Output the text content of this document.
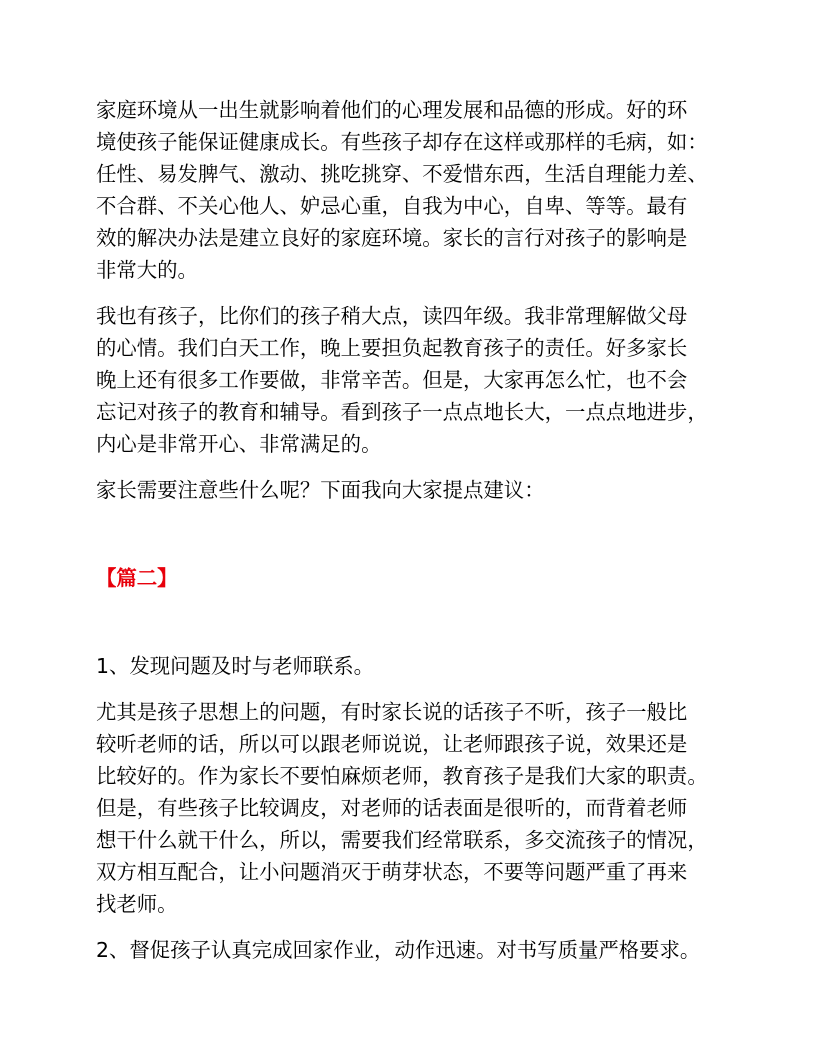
家庭环境从一出生就影响着他们的心理发展和品德的形成。好的环
境使孩子能保证健康成长。有些孩子却存在这样或那样的毛病，如：
任性、易发脾气、激动、挑吃挑穿、不爱惜东西，生活自理能力差、
不合群、不关心他人、妒忌心重，自我为中心，自卑、等等。最有
效的解决办法是建立良好的家庭环境。家长的言行对孩子的影响是
非常大的。

我也有孩子，比你们的孩子稍大点，读四年级。我非常理解做父母
的心情。我们白天工作，晚上要担负起教育孩子的责任。好多家长
晚上还有很多工作要做，非常辛苦。但是，大家再怎么忙，也不会
忘记对孩子的教育和辅导。看到孩子一点点地长大，一点点地进步，
内心是非常开心、非常满足的。

家长需要注意些什么呢？下面我向大家提点建议：

【篇二】

1、发现问题及时与老师联系。

尤其是孩子思想上的问题，有时家长说的话孩子不听，孩子一般比
较听老师的话，所以可以跟老师说说，让老师跟孩子说，效果还是
比较好的。作为家长不要怕麻烦老师，教育孩子是我们大家的职责。
但是，有些孩子比较调皮，对老师的话表面是很听的，而背着老师
想干什么就干什么，所以，需要我们经常联系，多交流孩子的情况，
双方相互配合，让小问题消灭于萌芽状态，不要等问题严重了再来
找老师。

2、督促孩子认真完成回家作业，动作迅速。对书写质量严格要求。
